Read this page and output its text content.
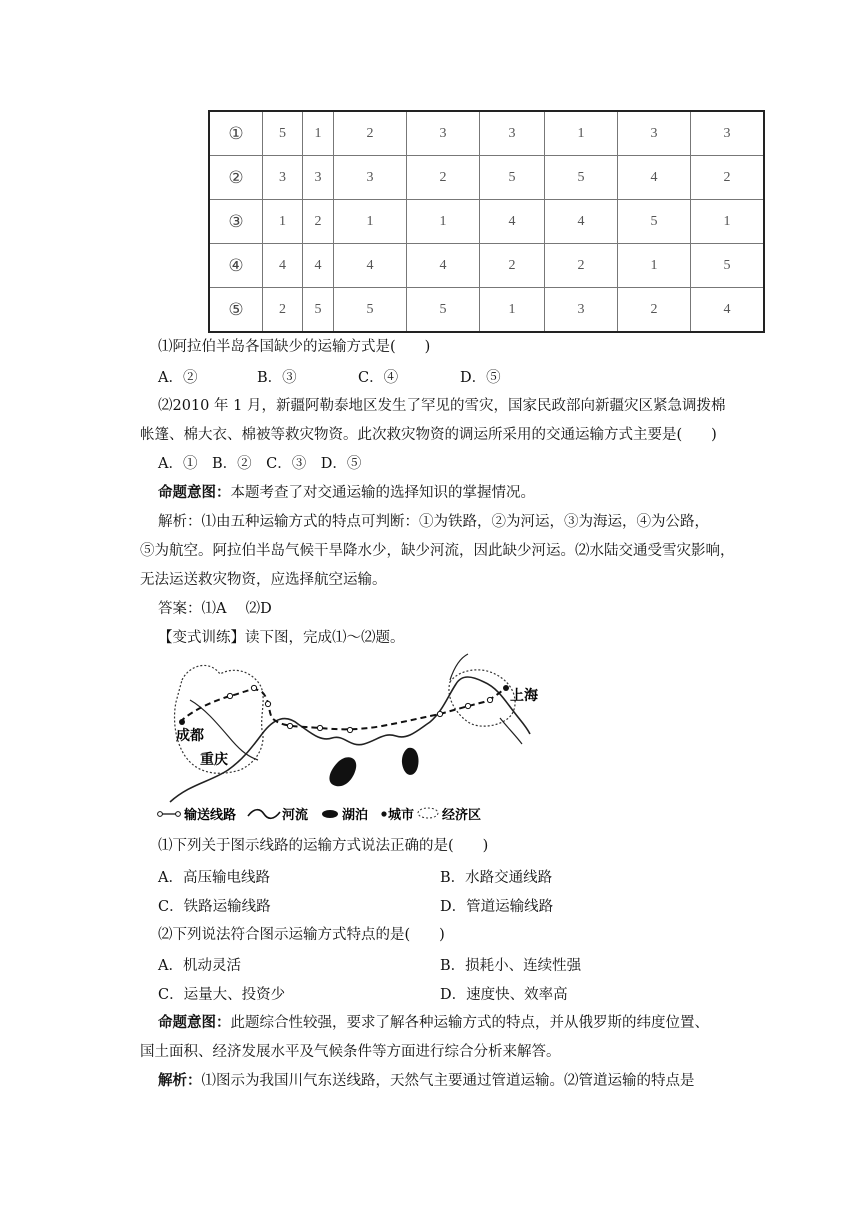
①	5	1	2	3	3	1	3	3
②	3	3	3	2	5	5	4	2
③	1	2	1	1	4	4	5	1
④	4	4	4	4	2	2	1	5
⑤	2	5	5	5	1	3	2	4
⑴阿拉伯半岛各国缺少的运输方式是(　　)
A．②	B．③	C．④	D．⑤
⑵2010 年 1 月，新疆阿勒泰地区发生了罕见的雪灾，国家民政部向新疆灾区紧急调拨棉
帐篷、棉大衣、棉被等救灾物资。此次救灾物资的调运所采用的交通运输方式主要是(　　)
A．①　B．②　C．③　D．⑤
命题意图：本题考查了对交通运输的选择知识的掌握情况。
解析：⑴由五种运输方式的特点可判断：①为铁路，②为河运，③为海运，④为公路，
⑤为航空。阿拉伯半岛气候干旱降水少，缺少河流，因此缺少河运。⑵水陆交通受雪灾影响，
无法运送救灾物资，应选择航空运输。
答案：⑴A　 ⑵D
【变式训练】读下图，完成⑴～⑵题。
成都
重庆
上海
输送线路	河流	湖泊 城市 经济区
⑴下列关于图示线路的运输方式说法正确的是(　　)
A．高压输电线路	B．水路交通线路
C．铁路运输线路	D．管道运输线路
⑵下列说法符合图示运输方式特点的是(　　)
A．机动灵活	B．损耗小、连续性强
C．运量大、投资少	D．速度快、效率高
命题意图：此题综合性较强，要求了解各种运输方式的特点，并从俄罗斯的纬度位置、
国土面积、经济发展水平及气候条件等方面进行综合分析来解答。
解析：⑴图示为我国川气东送线路，天然气主要通过管道运输。⑵管道运输的特点是
